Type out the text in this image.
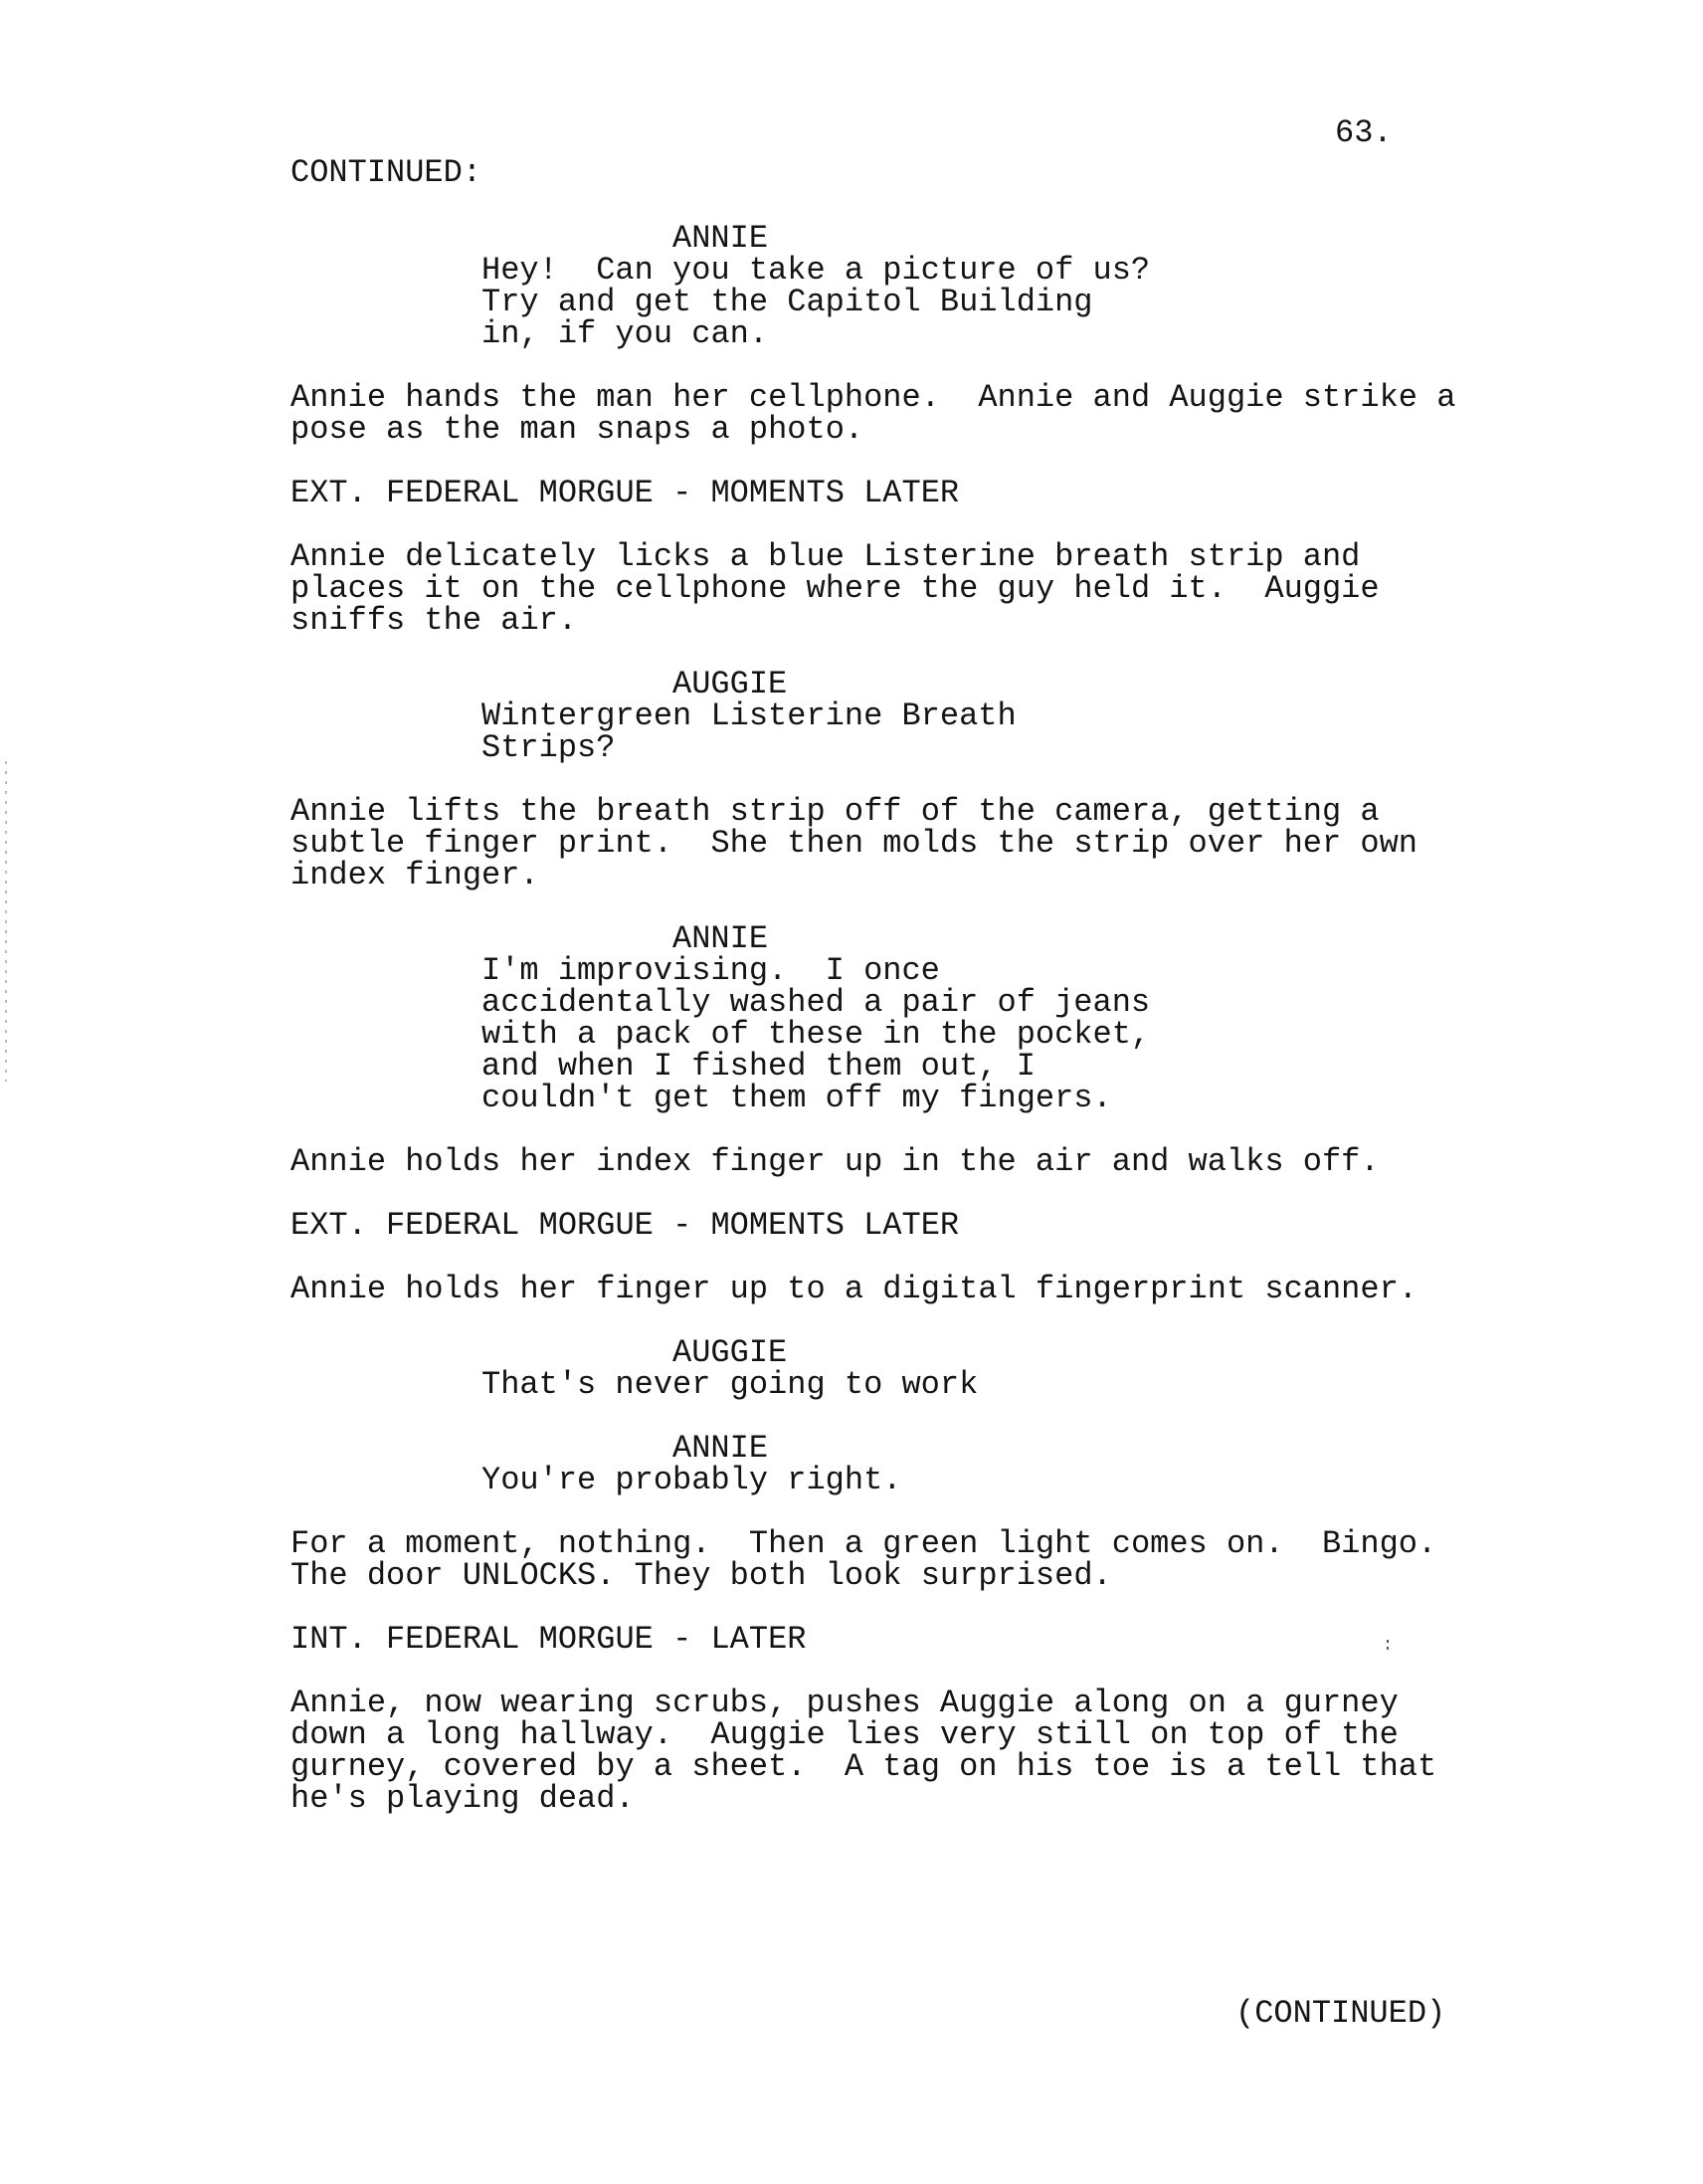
63.
CONTINUED:
ANNIE
Hey!  Can you take a picture of us?
Try and get the Capitol Building
in, if you can.
Annie hands the man her cellphone.  Annie and Auggie strike a
pose as the man snaps a photo.
EXT. FEDERAL MORGUE - MOMENTS LATER
Annie delicately licks a blue Listerine breath strip and
places it on the cellphone where the guy held it.  Auggie
sniffs the air.
AUGGIE
Wintergreen Listerine Breath
Strips?
Annie lifts the breath strip off of the camera, getting a
subtle finger print.  She then molds the strip over her own
index finger.
ANNIE
I'm improvising.  I once
accidentally washed a pair of jeans
with a pack of these in the pocket,
and when I fished them out, I
couldn't get them off my fingers.
Annie holds her index finger up in the air and walks off.
EXT. FEDERAL MORGUE - MOMENTS LATER
Annie holds her finger up to a digital fingerprint scanner.
AUGGIE
That's never going to work
ANNIE
You're probably right.
For a moment, nothing.  Then a green light comes on.  Bingo.
The door UNLOCKS. They both look surprised.
INT. FEDERAL MORGUE - LATER
Annie, now wearing scrubs, pushes Auggie along on a gurney
down a long hallway.  Auggie lies very still on top of the
gurney, covered by a sheet.  A tag on his toe is a tell that
he's playing dead.
(CONTINUED)
